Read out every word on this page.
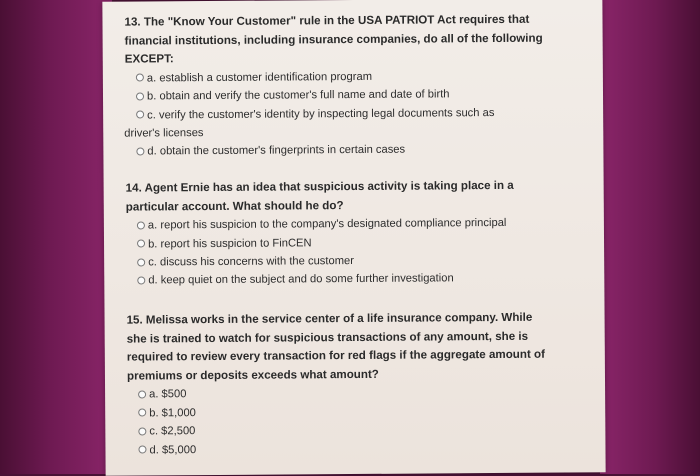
13. The "Know Your Customer" rule in the USA PATRIOT Act requires that
financial institutions, including insurance companies, do all of the following
EXCEPT:

a. establish a customer identification program
b. obtain and verify the customer's full name and date of birth
c. verify the customer's identity by inspecting legal documents such as
driver's licenses
d. obtain the customer's fingerprints in certain cases

14. Agent Ernie has an idea that suspicious activity is taking place in a
particular account. What should he do?

a. report his suspicion to the company's designated compliance principal
b. report his suspicion to FinCEN
c. discuss his concerns with the customer
d. keep quiet on the subject and do some further investigation

15. Melissa works in the service center of a life insurance company. While
she is trained to watch for suspicious transactions of any amount, she is
required to review every transaction for red flags if the aggregate amount of
premiums or deposits exceeds what amount?

a. $500
b. $1,000
c. $2,500
d. $5,000
